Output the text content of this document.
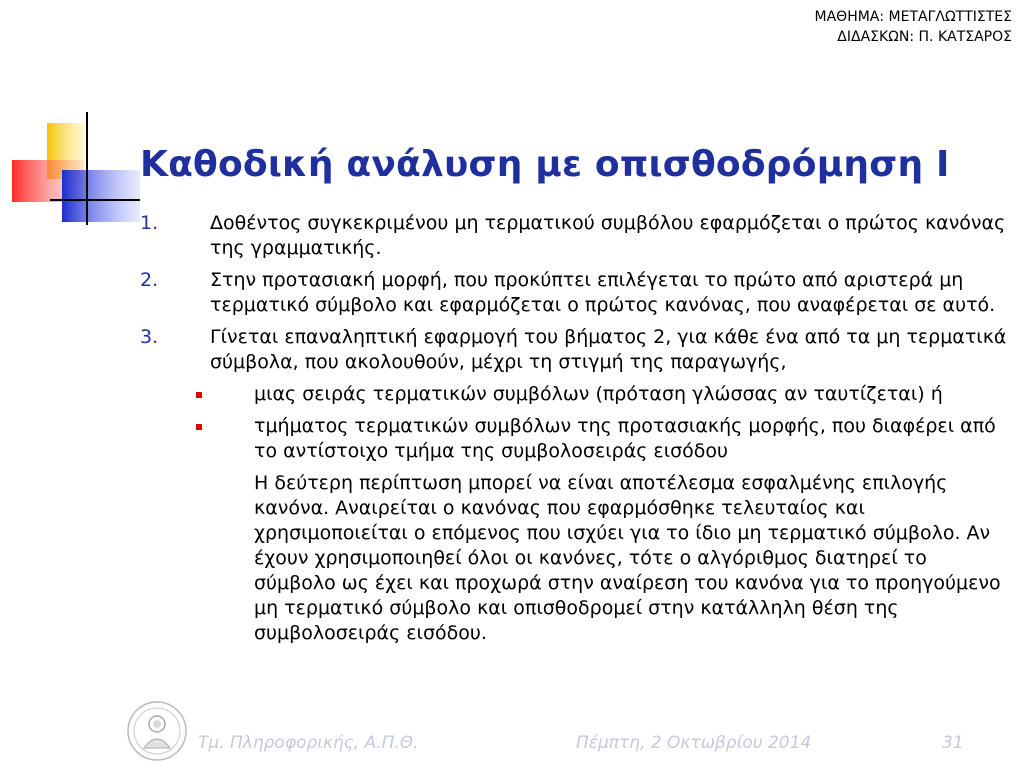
ΜΑΘΗΜΑ: ΜΕΤΑΓΛΩΤΤΙΣΤΕΣ
ΔΙΔΑΣΚΩΝ: Π. ΚΑΤΣΑΡΟΣ
Καθοδική ανάλυση με οπισθοδρόμηση Ι
1.	Δοθέντος συγκεκριμένου μη τερματικού συμβόλου εφαρμόζεται ο πρώτος κανόνας της γραμματικής.
2.	Στην προτασιακή μορφή, που προκύπτει επιλέγεται το πρώτο από αριστερά μη τερματικό σύμβολο και εφαρμόζεται ο πρώτος κανόνας, που αναφέρεται σε αυτό.
3.	Γίνεται επαναληπτική εφαρμογή του βήματος 2, για κάθε ένα από τα μη τερματικά σύμβολα, που ακολουθούν, μέχρι τη στιγμή της παραγωγής,
μιας σειράς τερματικών συμβόλων (πρόταση γλώσσας αν ταυτίζεται) ή
τμήματος τερματικών συμβόλων της προτασιακής μορφής, που διαφέρει από το αντίστοιχο τμήμα της συμβολοσειράς εισόδου
Η δεύτερη περίπτωση μπορεί να είναι αποτέλεσμα εσφαλμένης επιλογής κανόνα. Αναιρείται ο κανόνας που εφαρμόσθηκε τελευταίος και χρησιμοποιείται ο επόμενος που ισχύει για το ίδιο μη τερματικό σύμβολο. Αν έχουν χρησιμοποιηθεί όλοι οι κανόνες, τότε ο αλγόριθμος διατηρεί το σύμβολο ως έχει και προχωρά στην αναίρεση του κανόνα για το προηγούμενο μη τερματικό σύμβολο και οπισθοδρομεί στην κατάλληλη θέση της συμβολοσειράς εισόδου.
Τμ. Πληροφορικής, Α.Π.Θ.	Πέμπτη, 2 Οκτωβρίου 2014	31
